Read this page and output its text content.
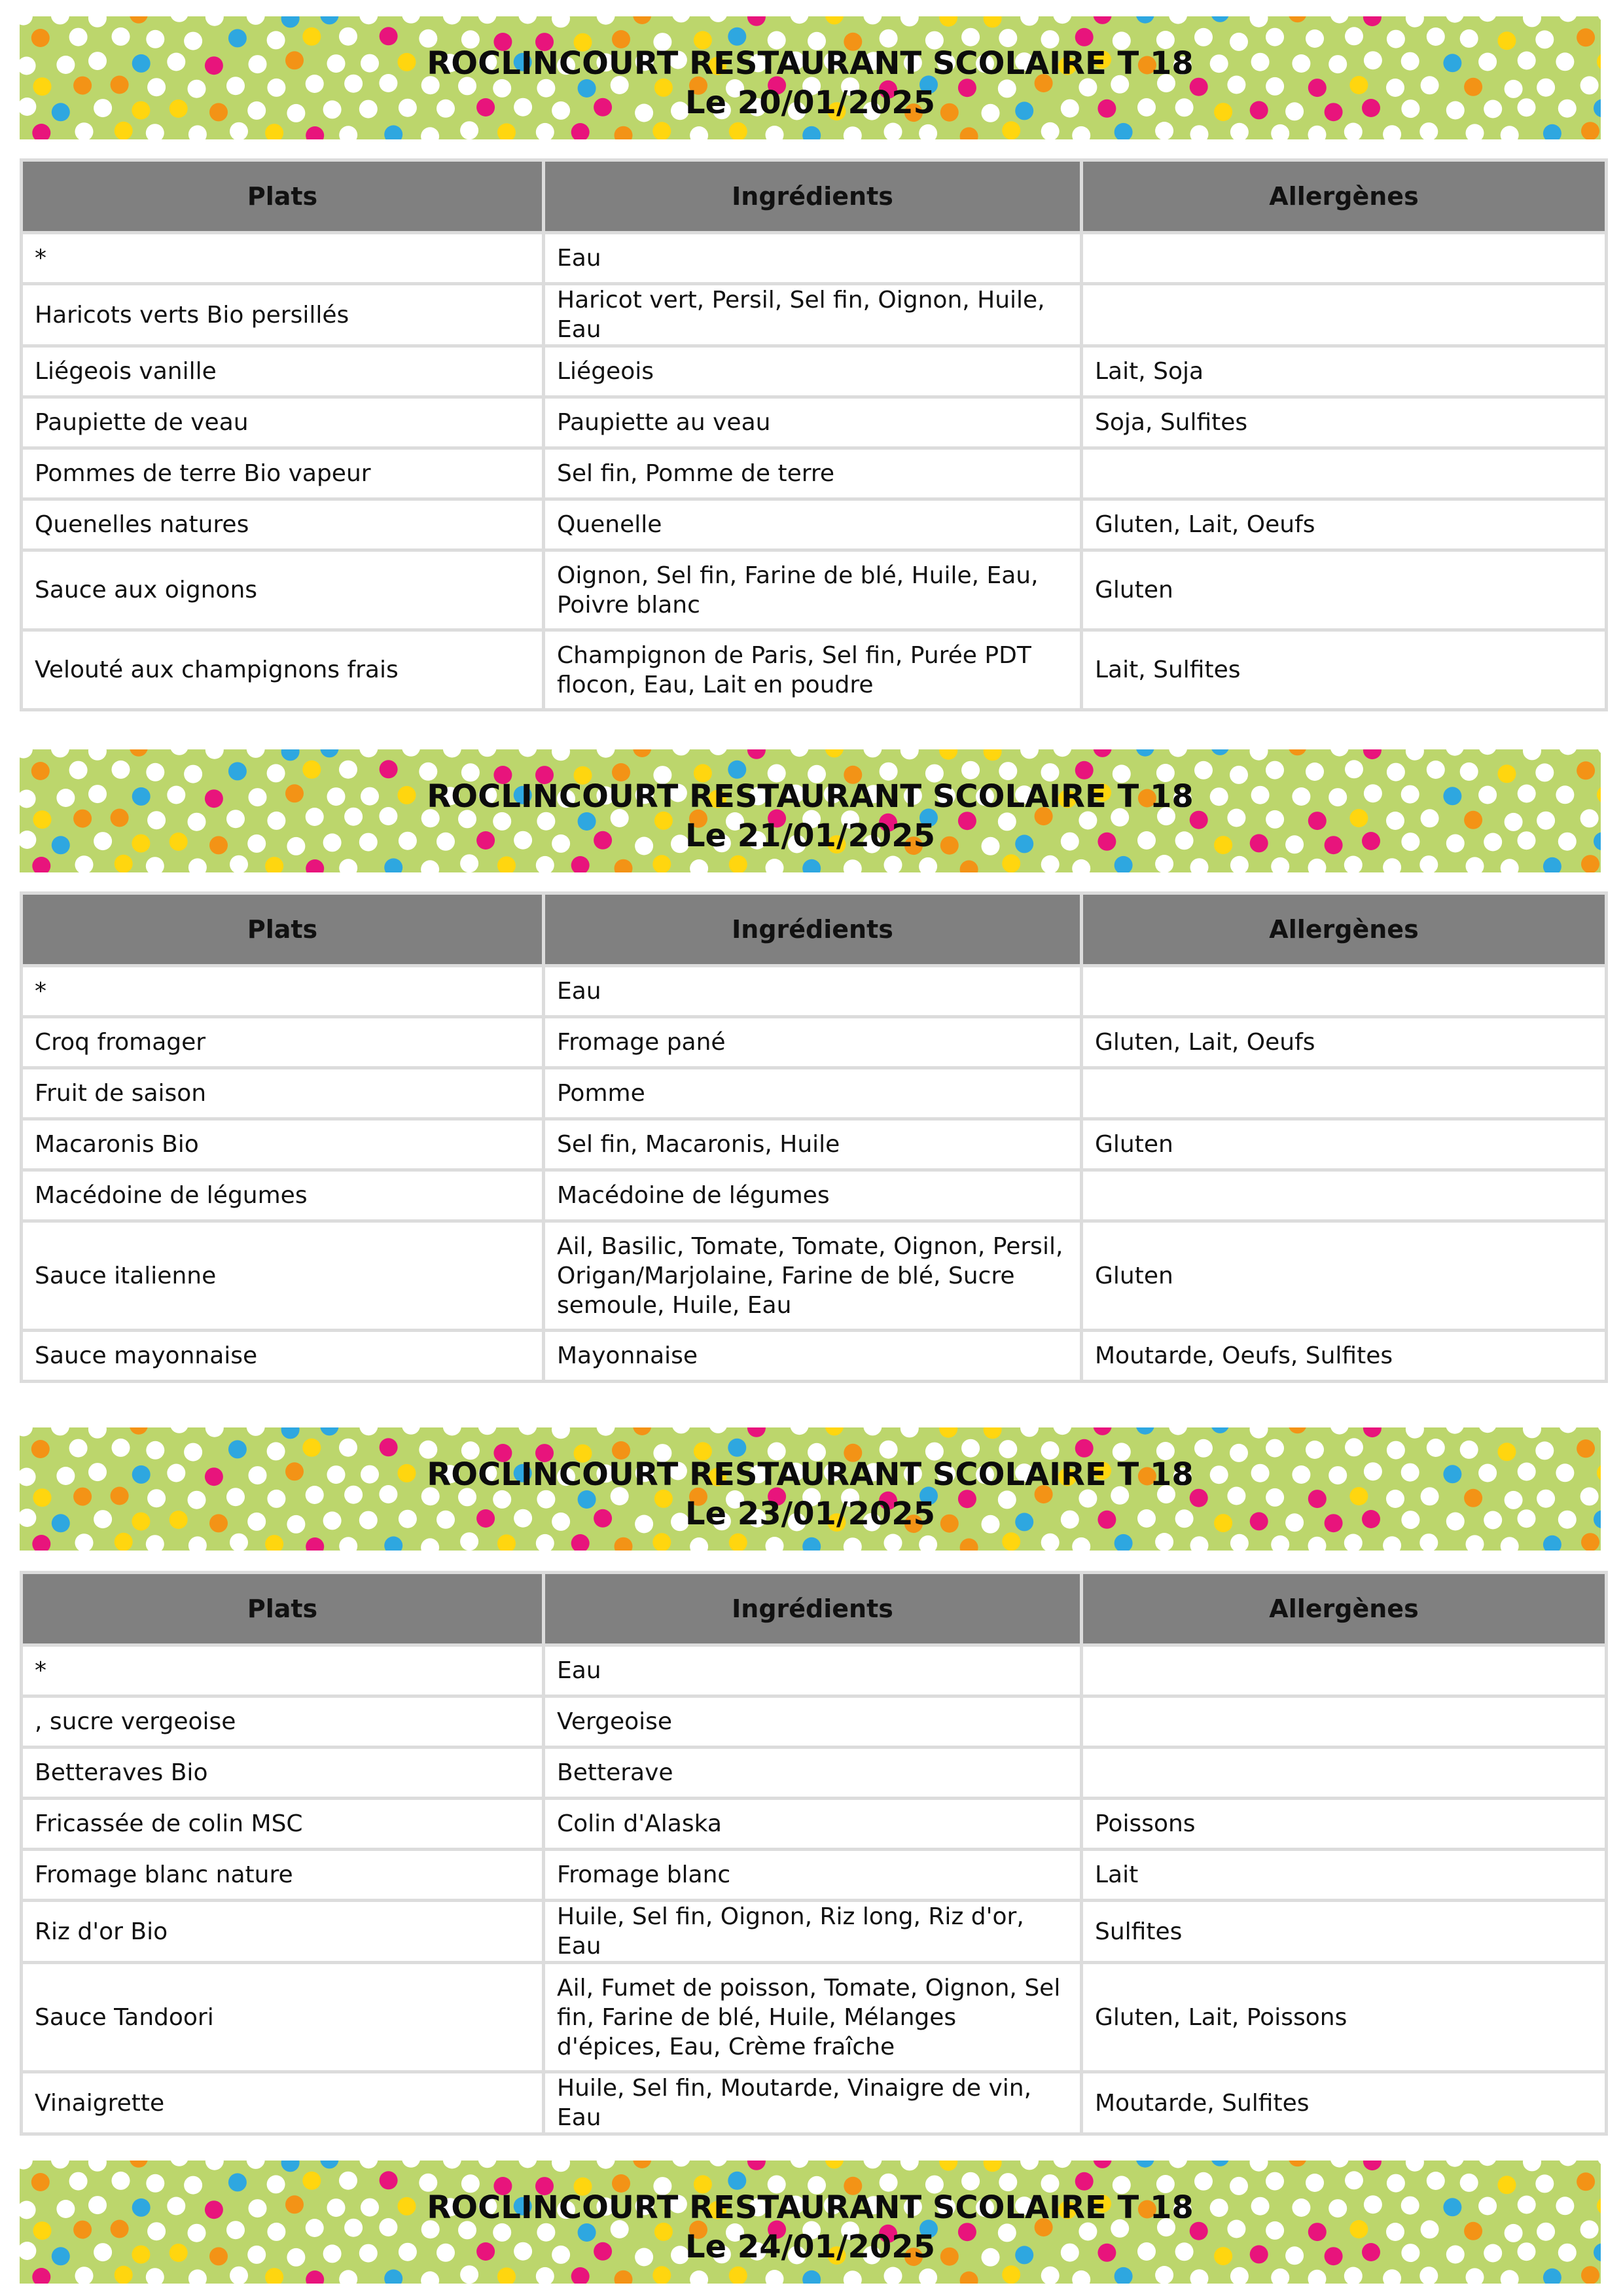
ROCLINCOURT RESTAURANT SCOLAIRE T 18
Le 20/01/2025
Plats	Ingrédients	Allergènes
*	Eau	
Haricots verts Bio persillés	Haricot vert, Persil, Sel fin, Oignon, Huile, Eau	
Liégeois vanille	Liégeois	Lait, Soja
Paupiette de veau	Paupiette au veau	Soja, Sulfites
Pommes de terre Bio vapeur	Sel fin, Pomme de terre	
Quenelles natures	Quenelle	Gluten, Lait, Oeufs
Sauce aux oignons	Oignon, Sel fin, Farine de blé, Huile, Eau, Poivre blanc	Gluten
Velouté aux champignons frais	Champignon de Paris, Sel fin, Purée PDT flocon, Eau, Lait en poudre	Lait, Sulfites
ROCLINCOURT RESTAURANT SCOLAIRE T 18
Le 21/01/2025
Plats	Ingrédients	Allergènes
*	Eau	
Croq fromager	Fromage pané	Gluten, Lait, Oeufs
Fruit de saison	Pomme	
Macaronis Bio	Sel fin, Macaronis, Huile	Gluten
Macédoine de légumes	Macédoine de légumes	
Sauce italienne	Ail, Basilic, Tomate, Tomate, Oignon, Persil, Origan/Marjolaine, Farine de blé, Sucre semoule, Huile, Eau	Gluten
Sauce mayonnaise	Mayonnaise	Moutarde, Oeufs, Sulfites
ROCLINCOURT RESTAURANT SCOLAIRE T 18
Le 23/01/2025
Plats	Ingrédients	Allergènes
*	Eau	
, sucre vergeoise	Vergeoise	
Betteraves Bio	Betterave	
Fricassée de colin MSC	Colin d'Alaska	Poissons
Fromage blanc nature	Fromage blanc	Lait
Riz d'or Bio	Huile, Sel fin, Oignon, Riz long, Riz d'or, Eau	Sulfites
Sauce Tandoori	Ail, Fumet de poisson, Tomate, Oignon, Sel fin, Farine de blé, Huile, Mélanges d'épices, Eau, Crème fraîche	Gluten, Lait, Poissons
Vinaigrette	Huile, Sel fin, Moutarde, Vinaigre de vin, Eau	Moutarde, Sulfites
ROCLINCOURT RESTAURANT SCOLAIRE T 18
Le 24/01/2025
